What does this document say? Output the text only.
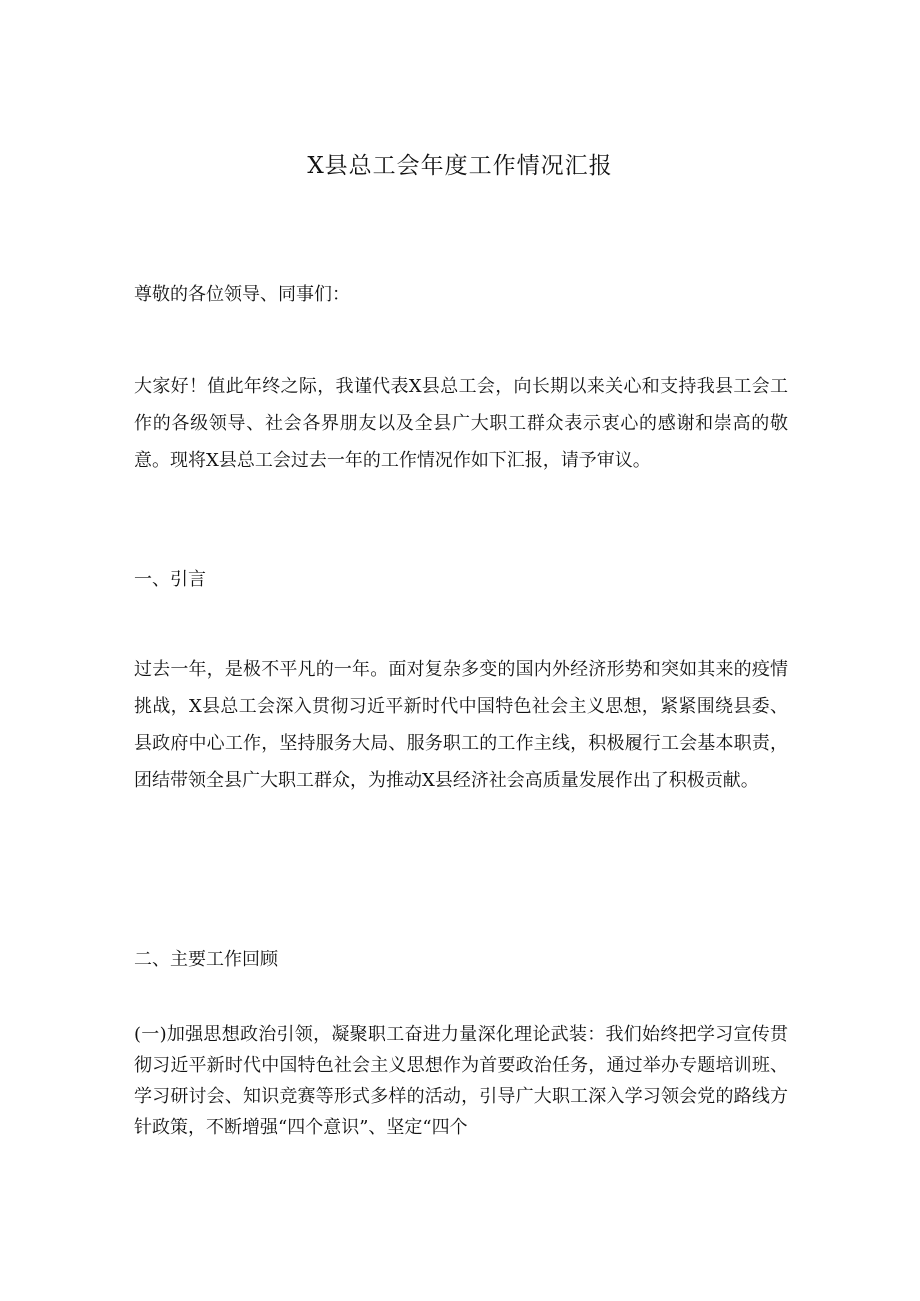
X县总工会年度工作情况汇报

尊敬的各位领导、同事们：

大家好！值此年终之际，我谨代表X县总工会，向长期以来关心和支持我县工会工作的各级领导、社会各界朋友以及全县广大职工群众表示衷心的感谢和崇高的敬意。现将X县总工会过去一年的工作情况作如下汇报，请予审议。

一、引言

过去一年，是极不平凡的一年。面对复杂多变的国内外经济形势和突如其来的疫情挑战，X县总工会深入贯彻习近平新时代中国特色社会主义思想，紧紧围绕县委、县政府中心工作，坚持服务大局、服务职工的工作主线，积极履行工会基本职责，团结带领全县广大职工群众，为推动X县经济社会高质量发展作出了积极贡献。

二、主要工作回顾

(一)加强思想政治引领，凝聚职工奋进力量深化理论武装：我们始终把学习宣传贯彻习近平新时代中国特色社会主义思想作为首要政治任务，通过举办专题培训班、学习研讨会、知识竞赛等形式多样的活动，引导广大职工深入学习领会党的路线方针政策，不断增强“四个意识”、坚定“四个
